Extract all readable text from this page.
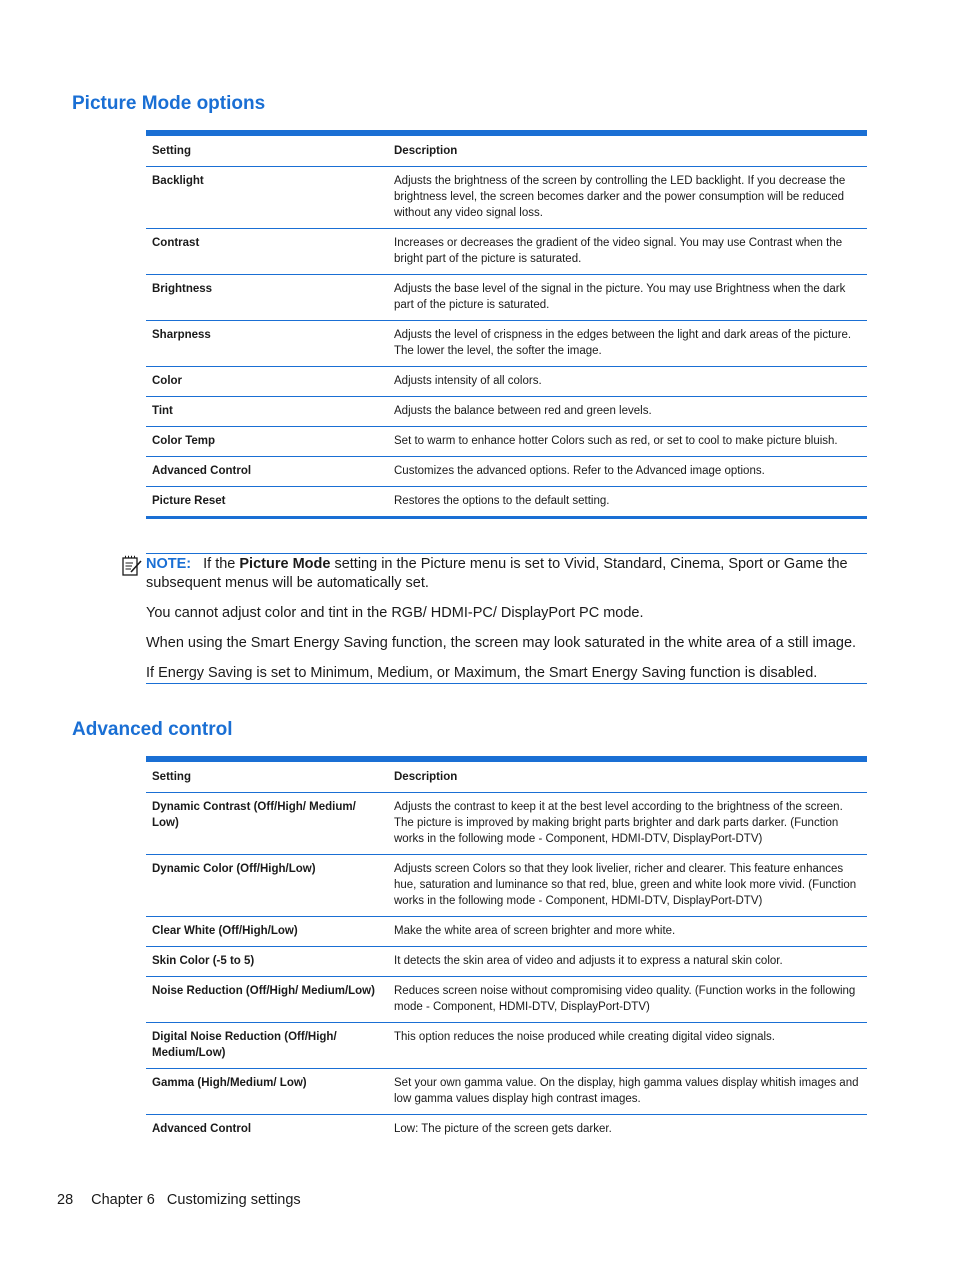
Picture Mode options
Setting	Description
Backlight	Adjusts the brightness of the screen by controlling the LED backlight. If you decrease the brightness level, the screen becomes darker and the power consumption will be reduced without any video signal loss.
Contrast	Increases or decreases the gradient of the video signal. You may use Contrast when the bright part of the picture is saturated.
Brightness	Adjusts the base level of the signal in the picture. You may use Brightness when the dark part of the picture is saturated.
Sharpness	Adjusts the level of crispness in the edges between the light and dark areas of the picture. The lower the level, the softer the image.
Color	Adjusts intensity of all colors.
Tint	Adjusts the balance between red and green levels.
Color Temp	Set to warm to enhance hotter Colors such as red, or set to cool to make picture bluish.
Advanced Control	Customizes the advanced options. Refer to the Advanced image options.
Picture Reset	Restores the options to the default setting.

NOTE: If the Picture Mode setting in the Picture menu is set to Vivid, Standard, Cinema, Sport or Game the subsequent menus will be automatically set.

You cannot adjust color and tint in the RGB/ HDMI-PC/ DisplayPort PC mode.

When using the Smart Energy Saving function, the screen may look saturated in the white area of a still image.

If Energy Saving is set to Minimum, Medium, or Maximum, the Smart Energy Saving function is disabled.

Advanced control
Setting	Description
Dynamic Contrast (Off/High/ Medium/ Low)	Adjusts the contrast to keep it at the best level according to the brightness of the screen. The picture is improved by making bright parts brighter and dark parts darker. (Function works in the following mode - Component, HDMI-DTV, DisplayPort-DTV)
Dynamic Color (Off/High/Low)	Adjusts screen Colors so that they look livelier, richer and clearer. This feature enhances hue, saturation and luminance so that red, blue, green and white look more vivid. (Function works in the following mode - Component, HDMI-DTV, DisplayPort-DTV)
Clear White (Off/High/Low)	Make the white area of screen brighter and more white.
Skin Color (-5 to 5)	It detects the skin area of video and adjusts it to express a natural skin color.
Noise Reduction (Off/High/ Medium/Low)	Reduces screen noise without compromising video quality. (Function works in the following mode - Component, HDMI-DTV, DisplayPort-DTV)
Digital Noise Reduction (Off/High/ Medium/Low)	This option reduces the noise produced while creating digital video signals.
Gamma (High/Medium/ Low)	Set your own gamma value. On the display, high gamma values display whitish images and low gamma values display high contrast images.
Advanced Control	Low: The picture of the screen gets darker.
28 Chapter 6   Customizing settings
